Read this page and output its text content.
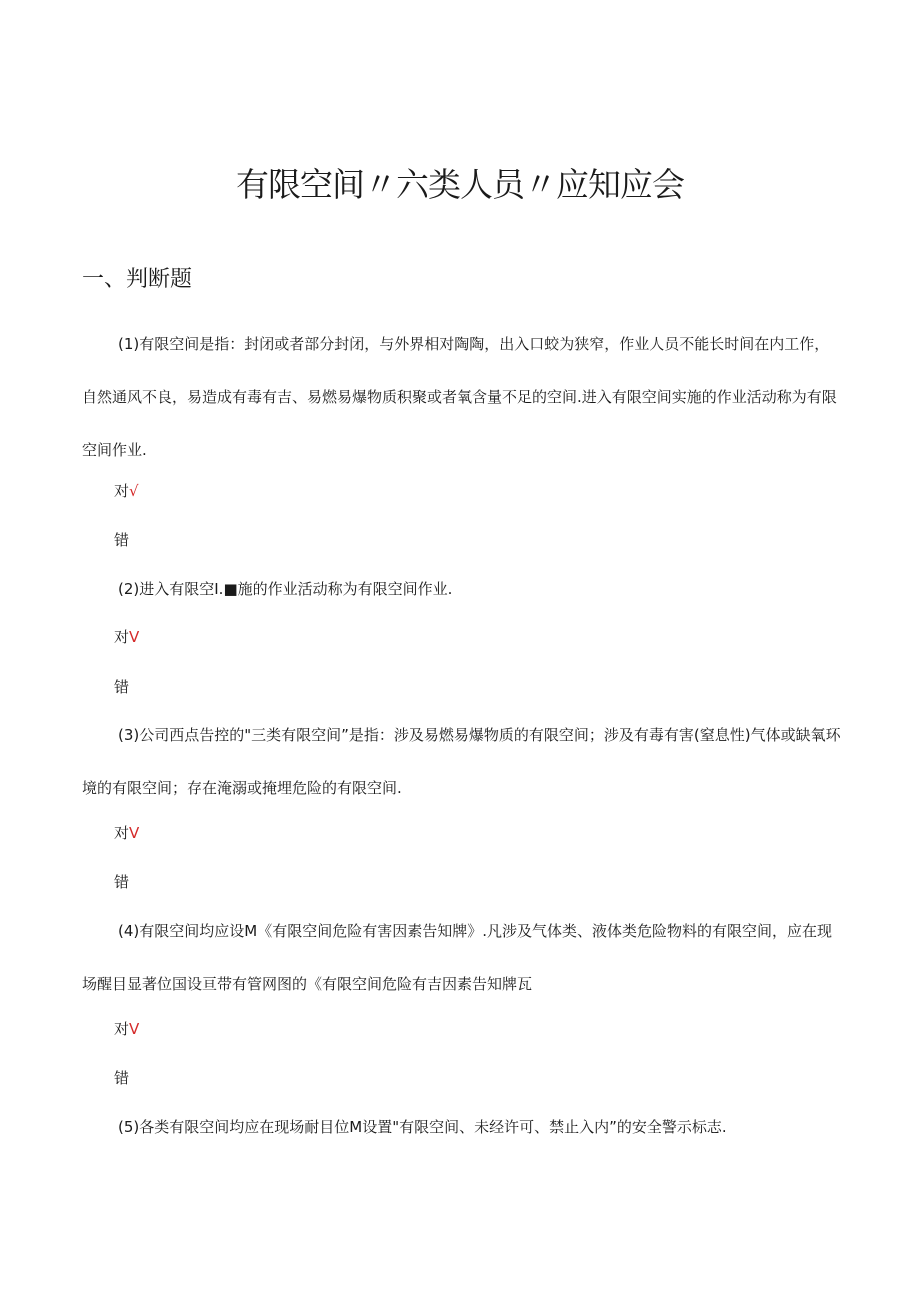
有限空间〃六类人员〃应知应会
一、判断题

(1)有限空间是指：封闭或者部分封闭，与外界相对陶陶，出入口蛟为狭窄，作业人员不能长时间在内工作，自然通风不良，易造成有毒有吉、易燃易爆物质积聚或者氧含量不足的空间.进入有限空间实施的作业活动称为有限空间作业.

对√
错

(2)进入有限空I.■施的作业活动称为有限空间作业.

对V
错

(3)公司西点告控的"三类有限空间”是指：涉及易燃易爆物质的有限空间；涉及有毒有害(窒息性)气体或缺氧环境的有限空间；存在淹溺或掩埋危险的有限空间.

对V
错

(4)有限空间均应设M《有限空间危险有害因素告知牌》.凡涉及气体类、液体类危险物料的有限空间，应在现场醒目显著位国设亘带有管网图的《有限空间危险有吉因素告知牌瓦

对V
错

(5)各类有限空间均应在现场耐目位M设置"有限空间、未经许可、禁止入内”的安全警示标志.
